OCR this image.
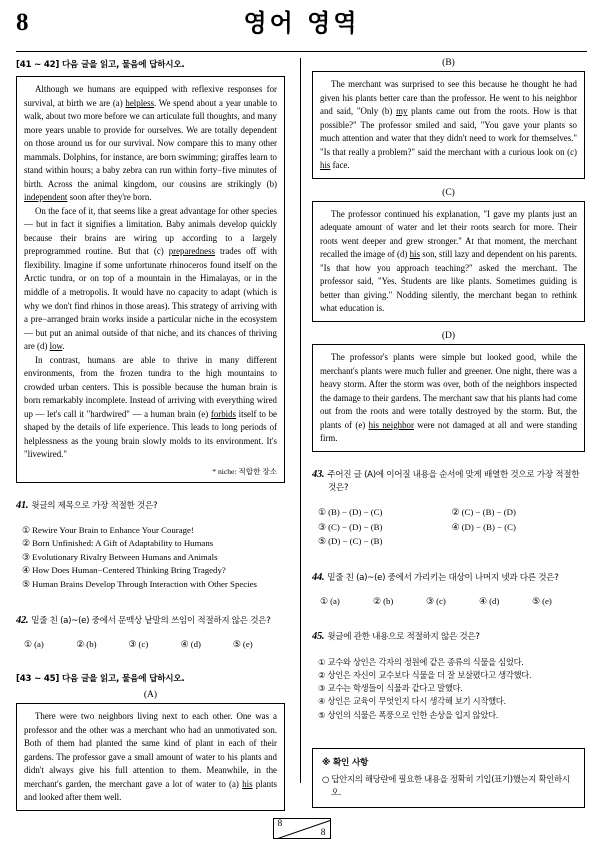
8	영어 영역
[41 ~ 42] 다음 글을 읽고, 물음에 답하시오.

Although we humans are equipped with reflexive responses for survival, at birth we are (a) helpless. We spend about a year unable to walk, about two more before we can articulate full thoughts, and many more years unable to provide for ourselves. We are totally dependent on those around us for our survival. Now compare this to many other mammals. Dolphins, for instance, are born swimming; giraffes learn to stand within hours; a baby zebra can run within forty−five minutes of birth. Across the animal kingdom, our cousins are strikingly (b) independent soon after they're born.

On the face of it, that seems like a great advantage for other species — but in fact it signifies a limitation. Baby animals develop quickly because their brains are wiring up according to a largely preprogrammed routine. But that (c) preparedness trades off with flexibility. Imagine if some unfortunate rhinoceros found itself on the Arctic tundra, or on top of a mountain in the Himalayas, or in the middle of a metropolis. It would have no capacity to adapt (which is why we don't find rhinos in those areas). This strategy of arriving with a pre−arranged brain works inside a particular niche in the ecosystem — but put an animal outside of that niche, and its chances of thriving are (d) low.

In contrast, humans are able to thrive in many different environments, from the frozen tundra to the high mountains to crowded urban centers. This is possible because the human brain is born remarkably incomplete. Instead of arriving with everything wired up — let's call it "hardwired" — a human brain (e) forbids itself to be shaped by the details of life experience. This leads to long periods of helplessness as the young brain slowly molds to its environment. It's "livewired."

* niche: 적합한 장소
41. 윗글의 제목으로 가장 적절한 것은?
① Rewire Your Brain to Enhance Your Courage!
② Born Unfinished: A Gift of Adaptability to Humans
③ Evolutionary Rivalry Between Humans and Animals
④ How Does Human−Centered Thinking Bring Tragedy?
⑤ Human Brains Develop Through Interaction with Other Species
42. 밑줄 친 (a)~(e) 중에서 문맥상 낱말의 쓰임이 적절하지 않은 것은?
① (a)	② (b)	③ (c)	④ (d)	⑤ (e)
[43 ~ 45] 다음 글을 읽고, 물음에 답하시오.
(A)

There were two neighbors living next to each other. One was a professor and the other was a merchant who had an unmotivated son. Both of them had planted the same kind of plant in each of their gardens. The professor gave a small amount of water to his plants and didn't always give his full attention to them. Meanwhile, in the merchant's garden, the merchant gave a lot of water to (a) his plants and looked after them well.

(B)

The merchant was surprised to see this because he thought he had given his plants better care than the professor. He went to his neighbor and said, "Only (b) my plants came out from the roots. How is that possible?" The professor smiled and said, "You gave your plants so much attention and water that they didn't need to work for themselves." "Is that really a problem?" said the merchant with a curious look on (c) his face.

(C)

The professor continued his explanation, "I gave my plants just an adequate amount of water and let their roots search for more. Their roots went deeper and grew stronger." At that moment, the merchant recalled the image of (d) his son, still lazy and dependent on his parents. "Is that how you approach teaching?" asked the merchant. The professor said, "Yes. Students are like plants. Sometimes guiding is better than giving." Nodding silently, the merchant began to rethink what education is.

(D)

The professor's plants were simple but looked good, while the merchant's plants were much fuller and greener. One night, there was a heavy storm. After the storm was over, both of the neighbors inspected the damage to their gardens. The merchant saw that his plants had come out from the roots and were totally destroyed by the storm. But, the plants of (e) his neighbor were not damaged at all and were standing firm.

43. 주어진 글 (A)에 이어질 내용을 순서에 맞게 배열한 것으로 가장 적절한 것은?
① (B) − (D) − (C)	② (C) − (B) − (D)
③ (C) − (D) − (B)	④ (D) − (B) − (C)
⑤ (D) − (C) − (B)
44. 밑줄 친 (a)~(e) 중에서 가리키는 대상이 나머지 넷과 다른 것은?
① (a)	② (b)	③ (c)	④ (d)	⑤ (e)
45. 윗글에 관한 내용으로 적절하지 않은 것은?
① 교수와 상인은 각자의 정원에 같은 종류의 식물을 심었다.
② 상인은 자신이 교수보다 식물을 더 잘 보살폈다고 생각했다.
③ 교수는 학생들이 식물과 같다고 말했다.
④ 상인은 교육이 무엇인지 다시 생각해 보기 시작했다.
⑤ 상인의 식물은 폭풍으로 인한 손상을 입지 않았다.
※ 확인 사항
○ 답안지의 해당란에 필요한 내용을 정확히 기입(표기)했는지 확인하시오.
8
8
